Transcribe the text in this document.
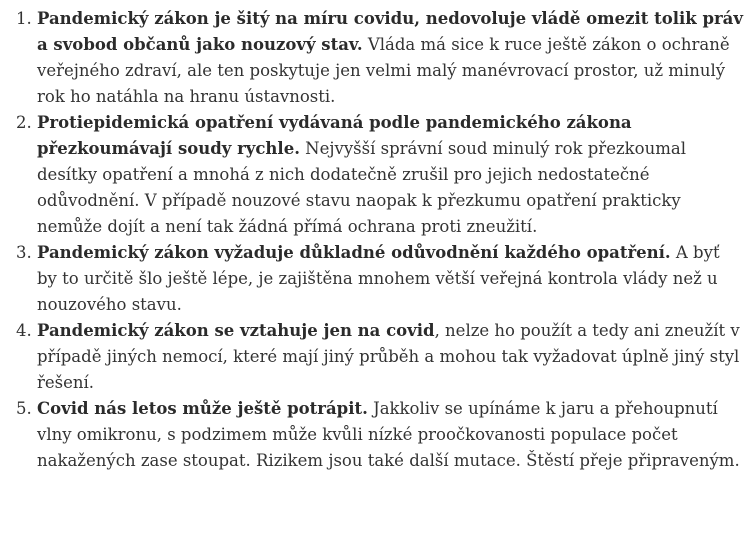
1. Pandemický zákon je šitý na míru covidu, nedovoluje vládě omezit tolik práv a svobod občanů jako nouzový stav. Vláda má sice k ruce ještě zákon o ochraně veřejného zdraví, ale ten poskytuje jen velmi malý manévrovací prostor, už minulý rok ho natáhla na hranu ústavnosti.
2. Protiepidemická opatření vydávaná podle pandemického zákona přezkoumávají soudy rychle. Nejvyšší správní soud minulý rok přezkoumal desítky opatření a mnohá z nich dodatečně zrušil pro jejich nedostatečné odůvodnění. V případě nouzové stavu naopak k přezkumu opatření prakticky nemůže dojít a není tak žádná přímá ochrana proti zneužití.
3. Pandemický zákon vyžaduje důkladné odůvodnění každého opatření. A byť by to určitě šlo ještě lépe, je zajištěna mnohem větší veřejná kontrola vlády než u nouzového stavu.
4. Pandemický zákon se vztahuje jen na covid, nelze ho použít a tedy ani zneužít v případě jiných nemocí, které mají jiný průběh a mohou tak vyžadovat úplně jiný styl řešení.
5. Covid nás letos může ještě potrápit. Jakkoliv se upínáme k jaru a přehoupnutí vlny omikronu, s podzimem může kvůli nízké proočkovanosti populace počet nakažených zase stoupat. Rizikem jsou také další mutace. Štěstí přeje připraveným.
